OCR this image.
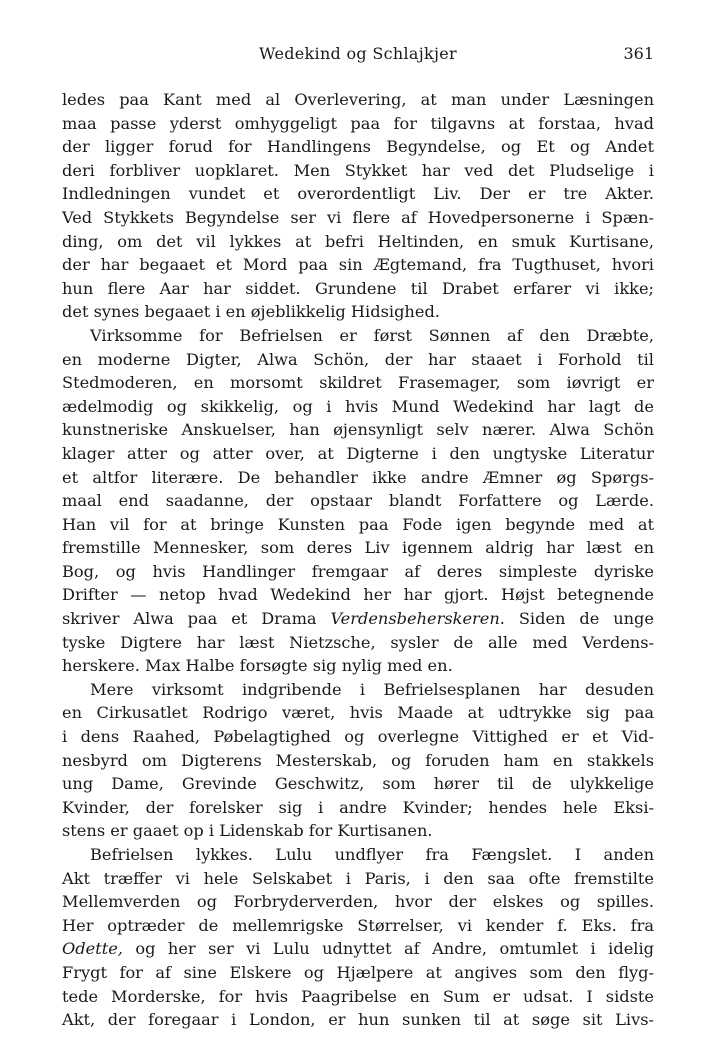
Wedekind og Schlajkjer	361
ledes paa Kant med al Overlevering, at man under Læsningen
maa passe yderst omhyggeligt paa for tilgavns at forstaa, hvad
der ligger forud for Handlingens Begyndelse, og Et og Andet
deri forbliver uopklaret. Men Stykket har ved det Pludselige i
Indledningen vundet et overordentligt Liv. Der er tre Akter.
Ved Stykkets Begyndelse ser vi flere af Hovedpersonerne i Spæn-
ding, om det vil lykkes at befri Heltinden, en smuk Kurtisane,
der har begaaet et Mord paa sin Ægtemand, fra Tugthuset, hvori
hun flere Aar har siddet. Grundene til Drabet erfarer vi ikke;
det synes begaaet i en øjeblikkelig Hidsighed.
Virksomme for Befrielsen er først Sønnen af den Dræbte,
en moderne Digter, Alwa Schön, der har staaet i Forhold til
Stedmoderen, en morsomt skildret Frasemager, som iøvrigt er
ædelmodig og skikkelig, og i hvis Mund Wedekind har lagt de
kunstneriske Anskuelser, han øjensynligt selv nærer. Alwa Schön
klager atter og atter over, at Digterne i den ungtyske Literatur
et altfor literære. De behandler ikke andre Æmner øg Spørgs-
maal end saadanne, der opstaar blandt Forfattere og Lærde.
Han vil for at bringe Kunsten paa Fode igen begynde med at
fremstille Mennesker, som deres Liv igennem aldrig har læst en
Bog, og hvis Handlinger fremgaar af deres simpleste dyriske
Drifter — netop hvad Wedekind her har gjort. Højst betegnende
skriver Alwa paa et Drama Verdensbeherskeren. Siden de unge
tyske Digtere har læst Nietzsche, sysler de alle med Verdens-
herskere. Max Halbe forsøgte sig nylig med en.
Mere virksomt indgribende i Befrielsesplanen har desuden
en Cirkusatlet Rodrigo været, hvis Maade at udtrykke sig paa
i dens Raahed, Pøbelagtighed og overlegne Vittighed er et Vid-
nesbyrd om Digterens Mesterskab, og foruden ham en stakkels
ung Dame, Grevinde Geschwitz, som hører til de ulykkelige
Kvinder, der forelsker sig i andre Kvinder; hendes hele Eksi-
stens er gaaet op i Lidenskab for Kurtisanen.
Befrielsen lykkes. Lulu undflyer fra Fængslet. I anden
Akt træffer vi hele Selskabet i Paris, i den saa ofte fremstilte
Mellemverden og Forbryderverden, hvor der elskes og spilles.
Her optræder de mellemrigske Størrelser, vi kender f. Eks. fra
Odette, og her ser vi Lulu udnyttet af Andre, omtumlet i idelig
Frygt for af sine Elskere og Hjælpere at angives som den flyg-
tede Morderske, for hvis Paagribelse en Sum er udsat. I sidste
Akt, der foregaar i London, er hun sunken til at søge sit Livs-
